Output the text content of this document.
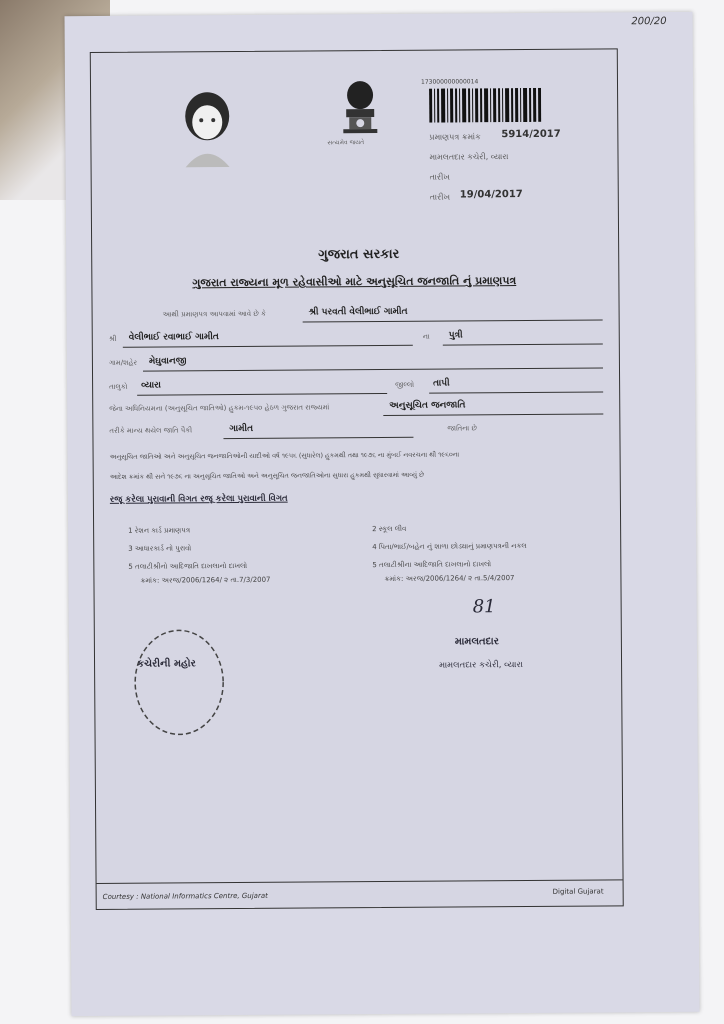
200/20
સત્યમેવ જયતે
173000000000014
પ્રમાણપત્ર ક્રમાંક 5914/2017
મામલતદાર કચેરી, વ્યારા
તારીખ
તારીખ 19/04/2017
ગુજરાત સરકાર
ગુજરાત રાજ્યના મૂળ રહેવાસીઓ માટે અનુસૂચિત જનજાતિ નું પ્રમાણપત્ર
આથી પ્રમાણપત્ર આપવામાં આવે છે કે	શ્રી પરવતી વેલીભાઈ ગામીત
શ્રી વેલીભાઈ રવાભાઈ ગામીત	ના પુત્રી
ગામ/શહેર મેઘુવાનજી
તાલુકો વ્યારા	જીલ્લો તાપી
જેના અધિનિયમના (અનુસૂચિત જાતિઓ) હુકમ-૧૯૫૦ હેઠળ ગુજરાત રાજ્યમાં	અનુસૂચિત જનજાતિ
તરીકે માન્ય થયેલ જાતિ પૈકી	ગામીત	જાતિના છે
અનુસૂચિત જાતિઓ અને અનુસૂચિત જનજાતિઓની યાદીઓ વર્ષ ૧૯૫૬ (સુધારેલ) હુકમથી તથા ૧૯૭૬ ના મુંબઈ નવરચના થી ૧૯૬૦ના
આદેશ ક્રમાંક થી સને ૧૯૭૬ ના અનુસૂચિત જાતિઓ અને અનુસૂચિત જનજાતિઓના સુધારા હુકમથી સુધારવામાં આવ્યું છે
રજૂ કરેલા પુરાવાની વિગત રજૂ કરેલા પુરાવાની વિગત
1 રેશન કાર્ડ પ્રમાણપત્ર
3 આધારકાર્ડ નો પુરાવો
5 તલાટીશ્રીનો આદિજાતિ દાખલાનો દાખલો
ક્રમાંક: અરજ/2006/1264/ ૨ તા.7/3/2007
2 સ્કૂલ લીવ
4 પિતા/ભાઈ/બહેન નું શાળા છોડ્યાનું પ્રમાણપત્રની નકલ
5 તલાટીશ્રીના આદિજાતિ દાખલાનો દાખલો
ક્રમાંક: અરજ/2006/1264/ ૨ તા.5/4/2007
કચેરીની મહોર
81
મામલતદાર
મામલતદાર કચેરી, વ્યારા
Courtesy : National Informatics Centre, Gujarat
Digital Gujarat
